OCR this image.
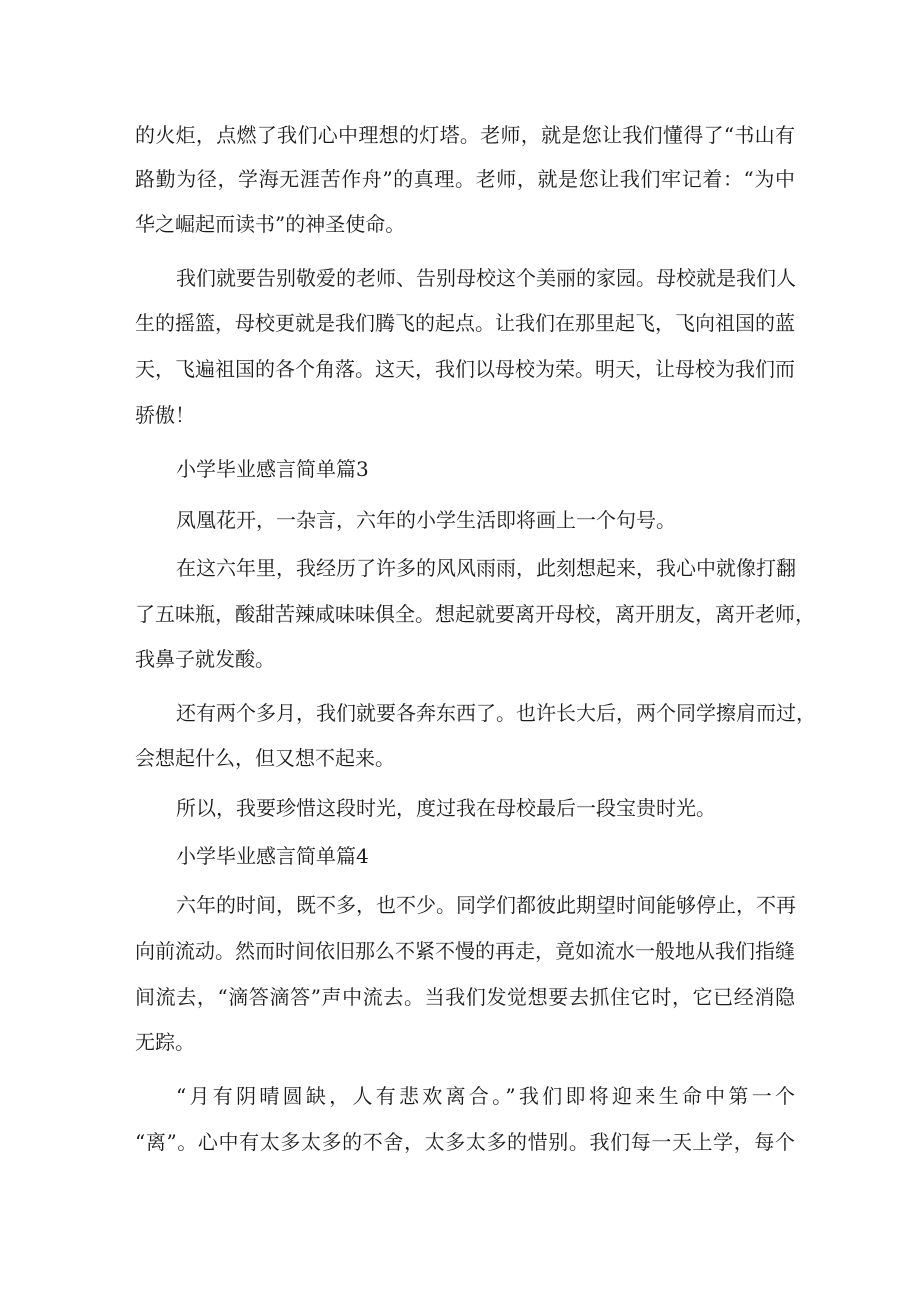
的火炬，点燃了我们心中理想的灯塔。老师，就是您让我们懂得了“书山有
路勤为径，学海无涯苦作舟”的真理。老师，就是您让我们牢记着：“为中
华之崛起而读书”的神圣使命。
我们就要告别敬爱的老师、告别母校这个美丽的家园。母校就是我们人
生的摇篮，母校更就是我们腾飞的起点。让我们在那里起飞，飞向祖国的蓝
天，飞遍祖国的各个角落。这天，我们以母校为荣。明天，让母校为我们而
骄傲！
小学毕业感言简单篇3
凤凰花开，一杂言，六年的小学生活即将画上一个句号。
在这六年里，我经历了许多的风风雨雨，此刻想起来，我心中就像打翻
了五味瓶，酸甜苦辣咸味味俱全。想起就要离开母校，离开朋友，离开老师，
我鼻子就发酸。
还有两个多月，我们就要各奔东西了。也许长大后，两个同学擦肩而过，
会想起什么，但又想不起来。
所以，我要珍惜这段时光，度过我在母校最后一段宝贵时光。
小学毕业感言简单篇4
六年的时间，既不多，也不少。同学们都彼此期望时间能够停止，不再
向前流动。然而时间依旧那么不紧不慢的再走，竟如流水一般地从我们指缝
间流去，“滴答滴答”声中流去。当我们发觉想要去抓住它时，它已经消隐
无踪。
“月有阴晴圆缺，人有悲欢离合。”我们即将迎来生命中第一个
“离”。心中有太多太多的不舍，太多太多的惜别。我们每一天上学，每个
